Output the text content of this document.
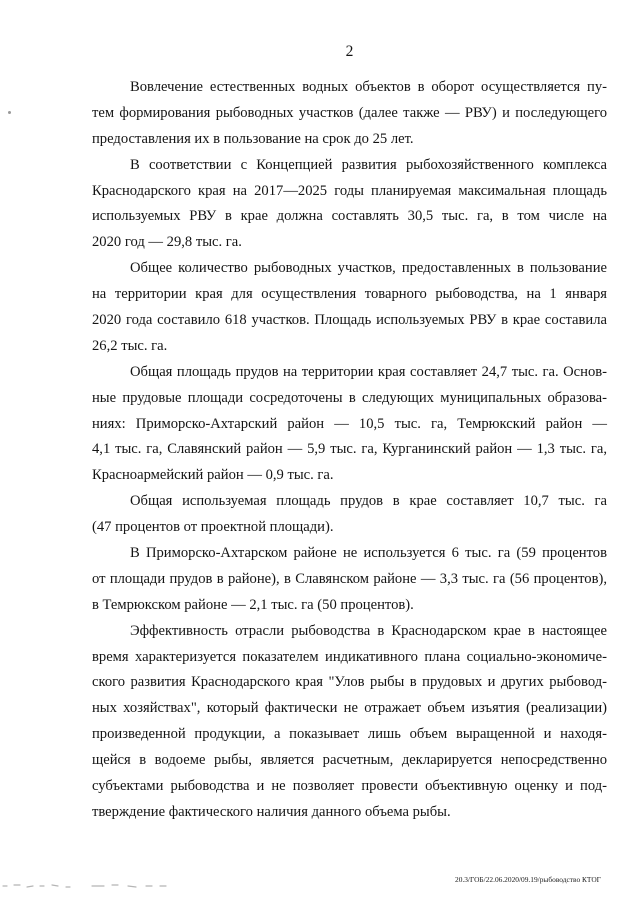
2
Вовлечение естественных водных объектов в оборот осуществляется пу-
тем формирования рыбоводных участков (далее также — РВУ) и последующего
предоставления их в пользование на срок до 25 лет.
В соответствии с Концепцией развития рыбохозяйственного комплекса
Краснодарского края на 2017—2025 годы планируемая максимальная площадь
используемых РВУ в крае должна составлять 30,5 тыс. га, в том числе на
2020 год — 29,8 тыс. га.
Общее количество рыбоводных участков, предоставленных в пользование
на территории края для осуществления товарного рыбоводства, на 1 января
2020 года составило 618 участков. Площадь используемых РВУ в крае составила
26,2 тыс. га.
Общая площадь прудов на территории края составляет 24,7 тыс. га. Основ-
ные прудовые площади сосредоточены в следующих муниципальных образова-
ниях: Приморско-Ахтарский район — 10,5 тыс. га, Темрюкский район —
4,1 тыс. га, Славянский район — 5,9 тыс. га, Курганинский район — 1,3 тыс. га,
Красноармейский район — 0,9 тыс. га.
Общая используемая площадь прудов в крае составляет 10,7 тыс. га
(47 процентов от проектной площади).
В Приморско-Ахтарском районе не используется 6 тыс. га (59 процентов
от площади прудов в районе), в Славянском районе — 3,3 тыс. га (56 процентов),
в Темрюкском районе — 2,1 тыс. га (50 процентов).
Эффективность отрасли рыбоводства в Краснодарском крае в настоящее
время характеризуется показателем индикативного плана социально-экономиче-
ского развития Краснодарского края "Улов рыбы в прудовых и других рыбовод-
ных хозяйствах", который фактически не отражает объем изъятия (реализации)
произведенной продукции, а показывает лишь объем выращенной и находя-
щейся в водоеме рыбы, является расчетным, декларируется непосредственно
субъектами рыбоводства и не позволяет провести объективную оценку и под-
тверждение фактического наличия данного объема рыбы.
20.3/ГОБ/22.06.2020/09.19/рыбоводство КТОГ
